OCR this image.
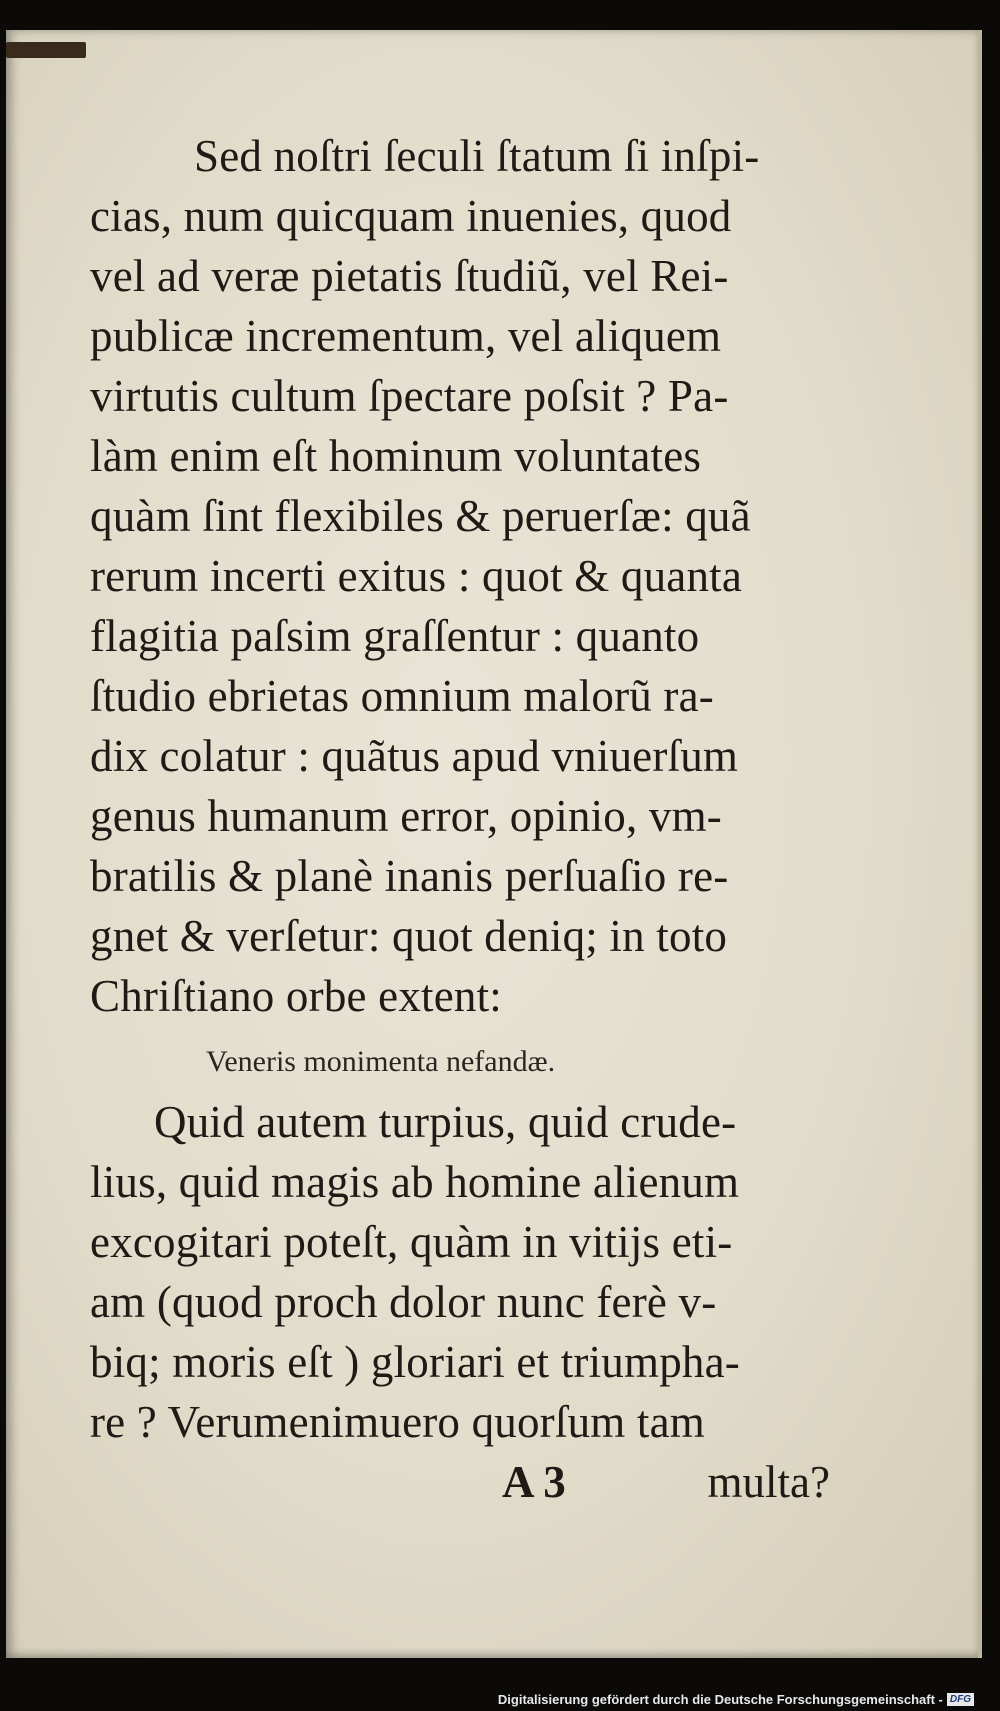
Sed noſtri ſeculi ſtatum ſi inſpi-
cias, num quicquam inuenies, quod
vel ad veræ pietatis ſtudiũ, vel Rei-
publicæ incrementum, vel aliquem
virtutis cultum ſpectare poſsit ? Pa-
làm enim eſt hominum voluntates
quàm ſint flexibiles & peruerſæ: quã
rerum incerti exitus : quot & quanta
flagitia paſsim graſſentur : quanto
ſtudio ebrietas omnium malorũ ra-
dix colatur : quãtus apud vniuerſum
genus humanum error, opinio, vm-
bratilis & planè inanis perſuaſio re-
gnet & verſetur: quot deniq; in toto
Chriſtiano orbe extent:
Veneris monimenta nefandæ.
Quid autem turpius, quid crude-
lius, quid magis ab homine alienum
excogitari poteſt, quàm in vitijs eti-
am (quod proch dolor nunc ferè v-
biq; moris eſt ) gloriari et triumpha-
re ? Verumenimuero quorſum tam
A 3	multa?
Digitalisierung gefördert durch die Deutsche Forschungsgemeinschaft - DFG
